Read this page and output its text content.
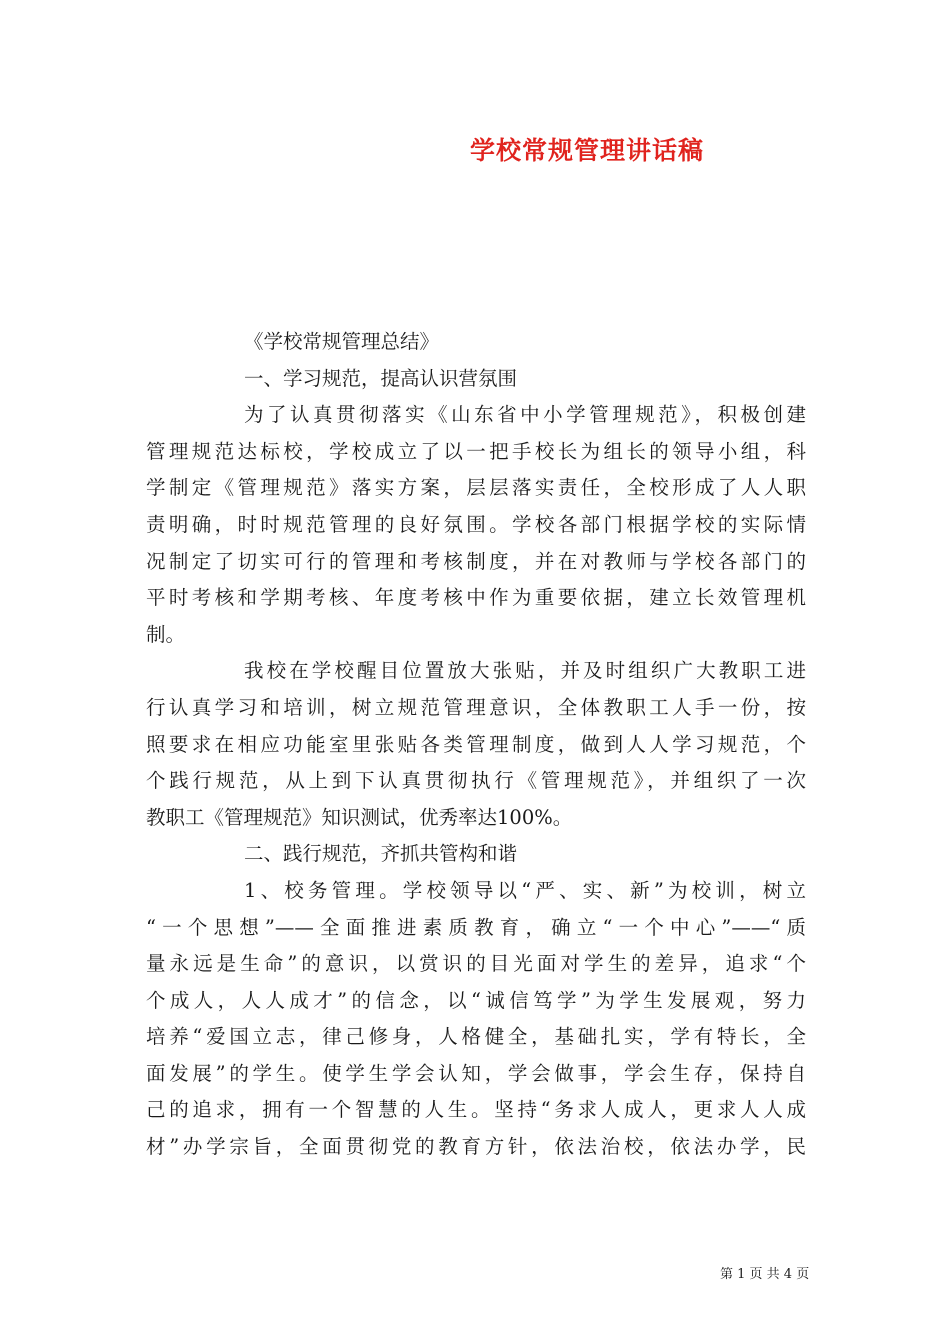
学校常规管理讲话稿
《学校常规管理总结》
一、学习规范，提高认识营氛围
为了认真贯彻落实《山东省中小学管理规范》，积极创建
管理规范达标校，学校成立了以一把手校长为组长的领导小组，科
学制定《管理规范》落实方案，层层落实责任，全校形成了人人职
责明确，时时规范管理的良好氛围。学校各部门根据学校的实际情
况制定了切实可行的管理和考核制度，并在对教师与学校各部门的
平时考核和学期考核、年度考核中作为重要依据，建立长效管理机
制。
我校在学校醒目位置放大张贴，并及时组织广大教职工进
行认真学习和培训，树立规范管理意识，全体教职工人手一份，按
照要求在相应功能室里张贴各类管理制度，做到人人学习规范，个
个践行规范，从上到下认真贯彻执行《管理规范》，并组织了一次
教职工《管理规范》知识测试，优秀率达100%。
二、践行规范，齐抓共管构和谐
1、校务管理。学校领导以“严、实、新”为校训，树立
“一个思想”——全面推进素质教育，确立“一个中心”——“质
量永远是生命”的意识，以赏识的目光面对学生的差异，追求“个
个成人，人人成才”的信念，以“诚信笃学”为学生发展观，努力
培养“爱国立志，律己修身，人格健全，基础扎实，学有特长，全
面发展”的学生。使学生学会认知，学会做事，学会生存，保持自
己的追求，拥有一个智慧的人生。坚持“务求人成人，更求人人成
材”办学宗旨，全面贯彻党的教育方针，依法治校，依法办学，民
第 1 页 共 4 页
